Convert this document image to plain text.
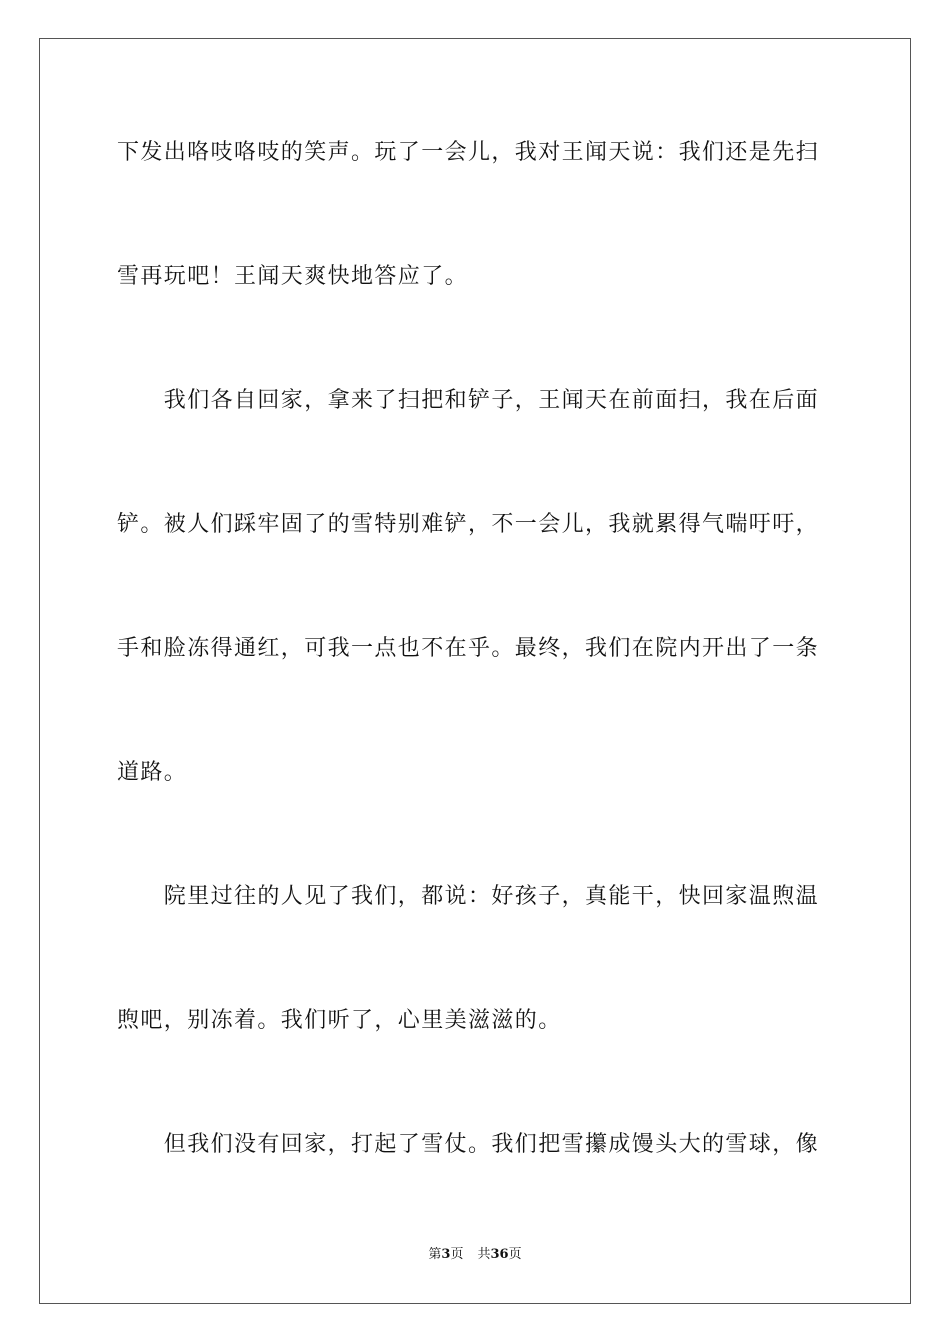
下发出咯吱咯吱的笑声。玩了一会儿，我对王闻天说：我们还是先扫
雪再玩吧！王闻天爽快地答应了。
　　我们各自回家，拿来了扫把和铲子，王闻天在前面扫，我在后面
铲。被人们踩牢固了的雪特别难铲，不一会儿，我就累得气喘吁吁，
手和脸冻得通红，可我一点也不在乎。最终，我们在院内开出了一条
道路。
　　院里过往的人见了我们，都说：好孩子，真能干，快回家温煦温
煦吧，别冻着。我们听了，心里美滋滋的。
　　但我们没有回家，打起了雪仗。我们把雪攥成馒头大的雪球，像
第3页 共36页
